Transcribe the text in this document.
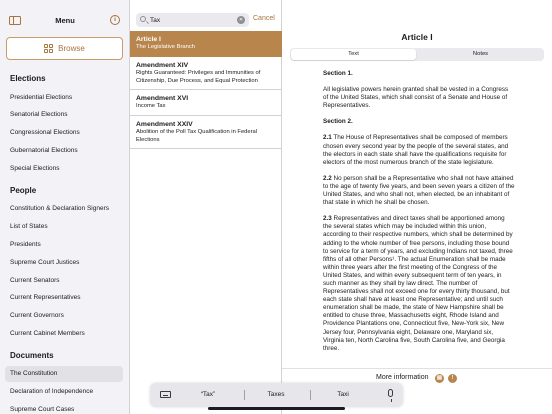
Menu	i
Browse
Elections
Presidential Elections
Senatorial Elections
Congressional Elections
Gubernatorial Elections
Special Elections
People
Constitution & Declaration Signers
List of States
Presidents
Supreme Court Justices
Current Senators
Current Representatives
Current Governors
Current Cabinet Members
Documents
The Constitution
Declaration of Independence
Supreme Court Cases
Tax
✕ Cancel
Article I
The Legislative Branch
Amendment XIV
Rights Guaranteed: Privileges and Immunities of Citizenship, Due Process, and Equal Protection
Amendment XVI
Income Tax
Amendment XXIV
Abolition of the Poll Tax Qualification in Federal Elections
Article I
Text	Notes

Section 1.

All legislative powers herein granted shall be vested in a Congress of the United States, which shall consist of a Senate and House of Representatives.

Section 2.

2.1 The House of Representatives shall be composed of members chosen every second year by the people of the several states, and the electors in each state shall have the qualifications requisite for electors of the most numerous branch of the state legislature.

2.2 No person shall be a Representative who shall not have attained to the age of twenty five years, and been seven years a citizen of the United States, and who shall not, when elected, be an inhabitant of that state in which he shall be chosen.

2.3 Representatives and direct taxes shall be apportioned among the several states which may be included within this union, according to their respective numbers, which shall be determined by adding to the whole number of free persons, including those bound to service for a term of years, and excluding Indians not taxed, three fifths of all other Persons¹. The actual Enumeration shall be made within three years after the first meeting of the Congress of the United States, and within every subsequent term of ten years, in such manner as they shall by law direct. The number of Representatives shall not exceed one for every thirty thousand, but each state shall have at least one Representative; and until such enumeration shall be made, the state of New Hampshire shall be entitled to chuse three, Massachusetts eight, Rhode Island and Providence Plantations one, Connecticut five, New-York six, New Jersey four, Pennsylvania eight, Delaware one, Maryland six, Virginia ten, North Carolina five, South Carolina five, and Georgia three.

More information	▤	!
“Tax”	Taxes	Taxi
